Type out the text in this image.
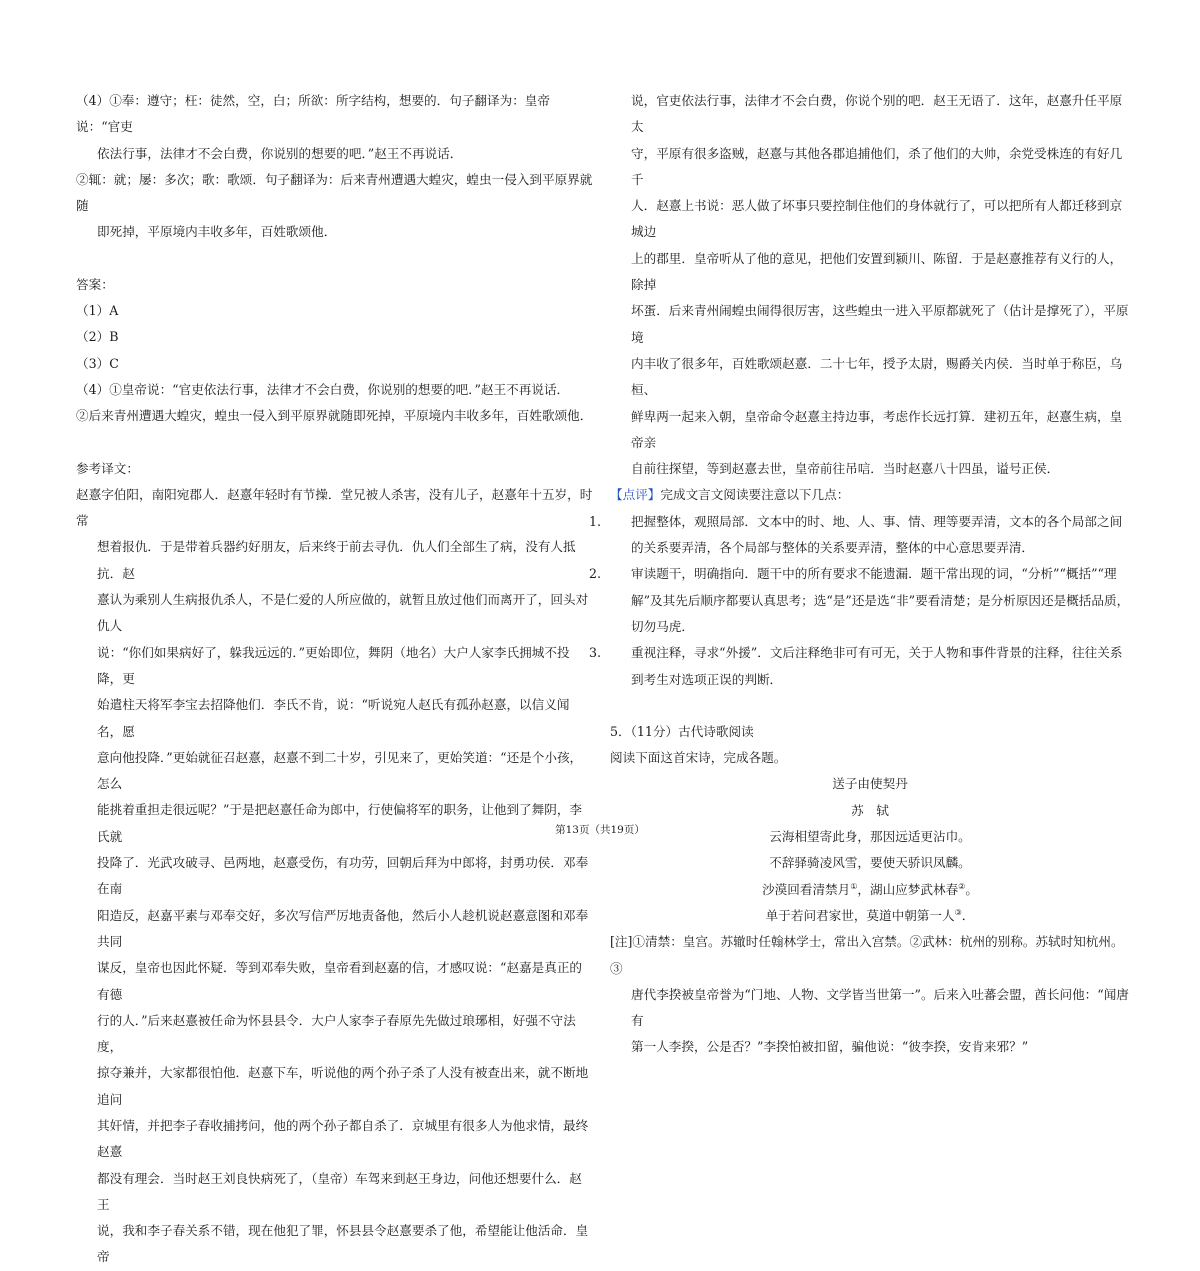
（4）①奉：遵守；枉：徒然，空，白；所欲：所字结构，想要的．句子翻译为：皇帝说：“官吏

依法行事，法律才不会白费，你说别的想要的吧．”赵王不再说话．

②辄：就；屡：多次；歌：歌颂．句子翻译为：后来青州遭遇大蝗灾，蝗虫一侵入到平原界就随

即死掉，平原境内丰收多年，百姓歌颂他．

答案：

（1）A

（2）B

（3）C

（4）①皇帝说：“官吏依法行事，法律才不会白费，你说别的想要的吧．”赵王不再说话．

②后来青州遭遇大蝗灾，蝗虫一侵入到平原界就随即死掉，平原境内丰收多年，百姓歌颂他．

参考译文：

赵憙字伯阳，南阳宛郡人．赵憙年轻时有节操．堂兄被人杀害，没有儿子，赵憙年十五岁，时常

想着报仇．于是带着兵器约好朋友，后来终于前去寻仇．仇人们全部生了病，没有人抵抗．赵

憙认为乘别人生病报仇杀人，不是仁爱的人所应做的，就暂且放过他们而离开了，回头对仇人

说：“你们如果病好了，躲我远远的．”更始即位，舞阴（地名）大户人家李氏拥城不投降，更

始遣柱天将军李宝去招降他们．李氏不肯，说：“听说宛人赵氏有孤孙赵憙，以信义闻名，愿

意向他投降．”更始就征召赵憙，赵憙不到二十岁，引见来了，更始笑道：“还是个小孩，怎么

能挑着重担走很远呢？”于是把赵憙任命为郎中，行使偏将军的职务，让他到了舞阴，李氏就

投降了．光武攻破寻、邑两地，赵憙受伤，有功劳，回朝后拜为中郎将，封勇功侯．邓奉在南

阳造反，赵嘉平素与邓奉交好，多次写信严厉地责备他，然后小人趁机说赵憙意图和邓奉共同

谋反，皇帝也因此怀疑．等到邓奉失败，皇帝看到赵嘉的信，才感叹说：“赵嘉是真正的有德

行的人．”后来赵憙被任命为怀县县令．大户人家李子春原先先做过琅琊相，好强不守法度，

掠夺兼并，大家都很怕他．赵憙下车，听说他的两个孙子杀了人没有被查出来，就不断地追问

其奸情，并把李子春收捕拷问，他的两个孙子都自杀了．京城里有很多人为他求情，最终赵憙

都没有理会．当时赵王刘良快病死了，（皇帝）车驾来到赵王身边，问他还想要什么．赵王

说，我和李子春关系不错，现在他犯了罪，怀县县令赵憙要杀了他，希望能让他活命．皇帝

说，官吏依法行事，法律才不会白费，你说个别的吧．赵王无语了．这年，赵憙升任平原太

守，平原有很多盗贼，赵憙与其他各郡追捕他们，杀了他们的大帅，余党受株连的有好几千

人．赵憙上书说：恶人做了坏事只要控制住他们的身体就行了，可以把所有人都迁移到京城边

上的郡里．皇帝听从了他的意见，把他们安置到颍川、陈留．于是赵憙推荐有义行的人，除掉

坏蛋．后来青州闹蝗虫闹得很厉害，这些蝗虫一进入平原都就死了（估计是撑死了），平原境

内丰收了很多年，百姓歌颂赵憙．二十七年，授予太尉，赐爵关内侯．当时单于称臣，乌桓、

鲜卑两一起来入朝，皇帝命令赵憙主持边事，考虑作长远打算．建初五年，赵憙生病，皇帝亲

自前往探望，等到赵憙去世，皇帝前往吊唁．当时赵憙八十四虽，谥号正侯．

【点评】完成文言文阅读要注意以下几点：

1. 把握整体，观照局部．文本中的时、地、人、事、情、理等要弄清，文本的各个局部之间的关系要弄清，各个局部与整体的关系要弄清，整体的中心意思要弄清．

2. 审读题干，明确指向．题干中的所有要求不能遗漏．题干常出现的词，“分析”“概括”“理解”及其先后顺序都要认真思考；选“是”还是选“非”要看清楚；是分析原因还是概括品质，切勿马虎．

3. 重视注释，寻求“外援”．文后注释绝非可有可无，关于人物和事件背景的注释，往往关系到考生对选项正误的判断．

5．（11分）古代诗歌阅读

阅读下面这首宋诗，完成各题。

送子由使契丹

苏　轼

云海相望寄此身，那因远适更沾巾。

不辞驿骑凌风雪，要使天骄识凤麟。

沙漠回看清禁月①，湖山应梦武林春②。

单于若问君家世，莫道中朝第一人③．

[注]①清禁：皇宫。苏辙时任翰林学士，常出入宫禁。②武林：杭州的别称。苏轼时知杭州。③

唐代李揆被皇帝誉为“门地、人物、文学皆当世第一”。后来入吐蕃会盟，酋长问他：“闻唐有

第一人李揆，公是否？”李揆怕被扣留，骗他说：“彼李揆，安肯来邪？”

第13页（共19页）
